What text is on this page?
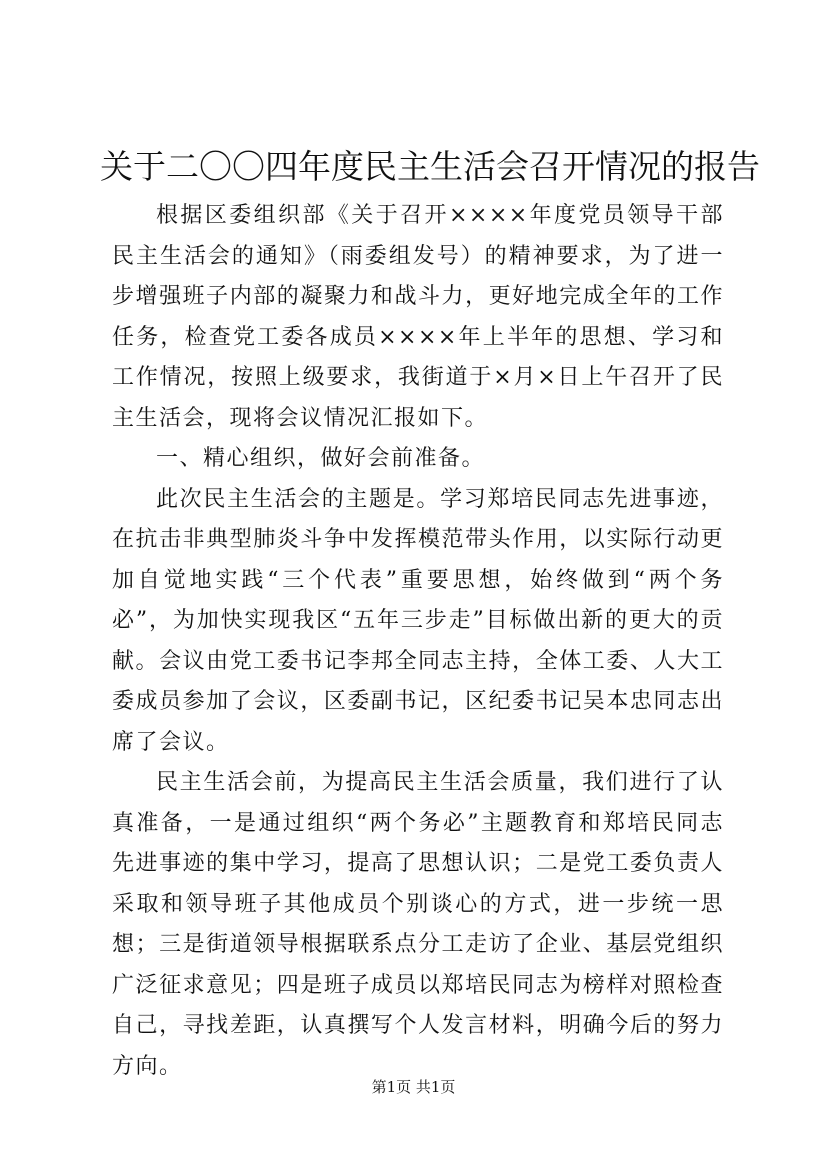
关于二〇〇四年度民主生活会召开情况的报告

根据区委组织部《关于召开××××年度党员领导干部民主生活会的通知》（雨委组发号）的精神要求，为了进一步增强班子内部的凝聚力和战斗力，更好地完成全年的工作任务，检查党工委各成员××××年上半年的思想、学习和工作情况，按照上级要求，我街道于×月×日上午召开了民主生活会，现将会议情况汇报如下。

一、精心组织，做好会前准备。

此次民主生活会的主题是。学习郑培民同志先进事迹，在抗击非典型肺炎斗争中发挥模范带头作用，以实际行动更加自觉地实践“三个代表”重要思想，始终做到“两个务必”，为加快实现我区“五年三步走”目标做出新的更大的贡献。会议由党工委书记李邦全同志主持，全体工委、人大工委成员参加了会议，区委副书记，区纪委书记吴本忠同志出席了会议。

民主生活会前，为提高民主生活会质量，我们进行了认真准备，一是通过组织“两个务必”主题教育和郑培民同志先进事迹的集中学习，提高了思想认识；二是党工委负责人采取和领导班子其他成员个别谈心的方式，进一步统一思想；三是街道领导根据联系点分工走访了企业、基层党组织广泛征求意见；四是班子成员以郑培民同志为榜样对照检查自己，寻找差距，认真撰写个人发言材料，明确今后的努力方向。

第1页 共1页
